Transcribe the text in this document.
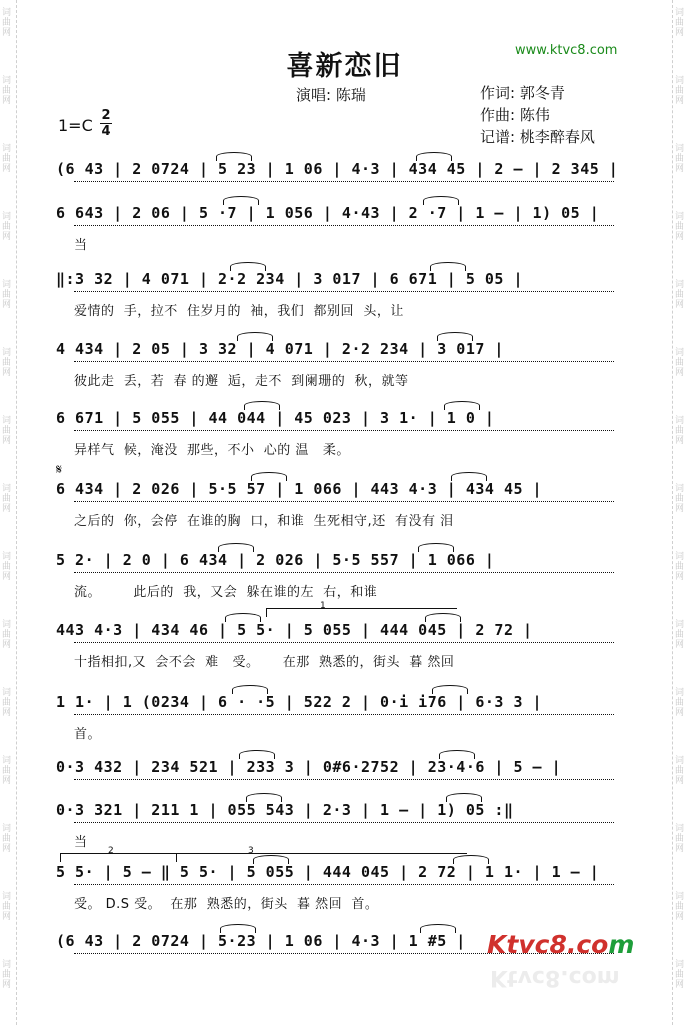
词
曲
网
词
曲
网
词
曲
网
词
曲
网
词
曲
网
词
曲
网
词
曲
网
词
曲
网
词
曲
网
词
曲
网
词
曲
网
词
曲
网
词
曲
网
词
曲
网
词
曲
网
词
曲
网
词
曲
网
词
曲
网
词
曲
网
词
曲
网
词
曲
网
词
曲
网
词
曲
网
词
曲
网
词
曲
网
词
曲
网
词
曲
网
词
曲
网
词
曲
网
词
曲
网
喜新恋旧
www.ktvc8.com
演唱: 陈瑞	作词: 郭冬青
作曲: 陈伟
记谱: 桃李醉春风
1=C
2
4
(6 43 | 2 0724 | 5 23 | 1 06 | 4·3 | 434 45 | 2 – | 2 345 |
6 643 | 2 06 | 5 ·7 | 1 056 | 4·43 | 2 ·7 | 1 – | 1) 05 |
当
‖:3 32 | 4 071 | 2·2 234 | 3 017 | 6 671 | 5 05 |
爱情的  手，拉不  住岁月的  袖，我们  都别回  头，让
4 434 | 2 05 | 3 32 | 4 071 | 2·2 234 | 3 017 |
彼此走  丢，若  春 的邂  逅，走不  到阑珊的  秋，就等
6 671 | 5 055 | 44 044 | 45 023 | 3 1· | 1 0 |
异样气  候，淹没  那些，不小  心的 温   柔。
6 434 | 2 026 | 5·5 57 | 1 066 | 443 4·3 | 434 45 |
之后的  你，会停  在谁的胸  口，和谁  生死相守,还  有没有 泪
5 2· | 2 0 | 6 434 | 2 026 | 5·5 557 | 1 066 |
流。       此后的  我，又会  躲在谁的左  右，和谁
443 4·3 | 434 46 | 5 5· | 5 055 | 444 045 | 2 72 |
十指相扣,又  会不会  难   受。     在那  熟悉的，街头  暮 然回
1 1· | 1 (0234 | 6 · ·5 | 522 2 | 0·i i76 | 6·3 3 |
首。
0·3 432 | 234 521 | 233 3 | 0#6·2752 | 23·4·6 | 5 – |
0·3 321 | 211 1 | 055 543 | 2·3 | 1 – | 1) 05 :‖
当
5 5· | 5 – ‖ 5 5· | 5 055 | 444 045 | 2 72 | 1 1· | 1 – |
受。 D.S 受。  在那  熟悉的，街头  暮 然回  首。
(6 43 | 2 0724 | 5·23 | 1 06 | 4·3 | 1 #5 |
𝄋
1
2	3
Ktvc8.com
Ktvc8.com
